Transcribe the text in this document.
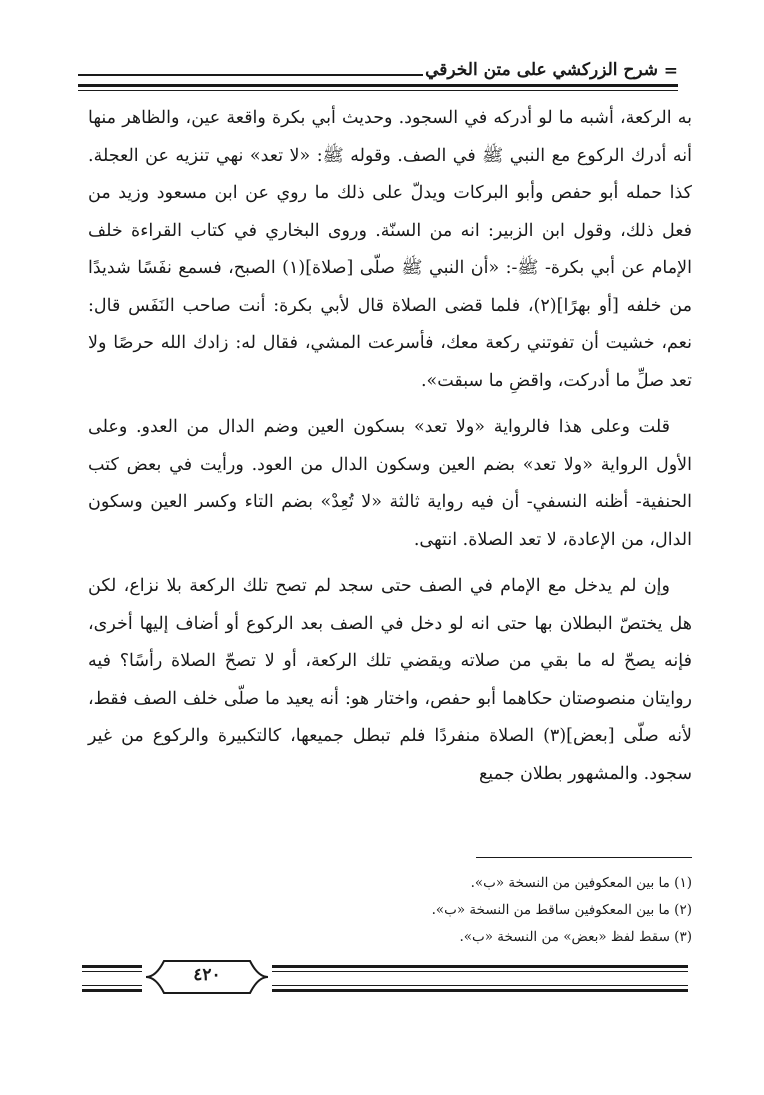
=
شرح الزركشي على متن الخرقي

به الركعة، أشبه ما لو أدركه في السجود. وحديث أبي بكرة واقعة عين، والظاهر منها أنه أدرك الركوع مع النبي ﷺ في الصف. وقوله ﷺ: «لا تعد» نهي تنزيه عن العجلة. كذا حمله أبو حفص وأبو البركات ويدلّ على ذلك ما روي عن ابن مسعود وزيد من فعل ذلك، وقول ابن الزبير: انه من السنّة. وروى البخاري في كتاب القراءة خلف الإمام عن أبي بكرة- ﷺ-: «أن النبي ﷺ صلّى [صلاة](١) الصبح، فسمع نفَسًا شديدًا من خلفه [أو بهرًا](٢)، فلما قضى الصلاة قال لأبي بكرة: أنت صاحب النَفَس قال: نعم، خشيت أن تفوتني ركعة معك، فأسرعت المشي، فقال له: زادك الله حرصًا ولا تعد صلِّ ما أدركت، واقضِ ما سبقت».

قلت وعلى هذا فالرواية «ولا تعد» بسكون العين وضم الدال من العدو. وعلى الأول الرواية «ولا تعد» بضم العين وسكون الدال من العود. ورأيت في بعض كتب الحنفية- أظنه النسفي- أن فيه رواية ثالثة «لا تُعِدْ» بضم التاء وكسر العين وسكون الدال، من الإعادة، لا تعد الصلاة. انتهى.

وإن لم يدخل مع الإمام في الصف حتى سجد لم تصح تلك الركعة بلا نزاع، لكن هل يختصّ البطلان بها حتى انه لو دخل في الصف بعد الركوع أو أضاف إليها أخرى، فإنه يصحّ له ما بقي من صلاته ويقضي تلك الركعة، أو لا تصحّ الصلاة رأسًا؟ فيه روايتان منصوصتان حكاهما أبو حفص، واختار هو: أنه يعيد ما صلّى خلف الصف فقط، لأنه صلّى [بعض](٣) الصلاة منفردًا فلم تبطل جميعها، كالتكبيرة والركوع من غير سجود. والمشهور بطلان جميع

(١) ما بين المعكوفين من النسخة «ب».

(٢) ما بين المعكوفين ساقط من النسخة «ب».

(٣) سقط لفظ «بعض» من النسخة «ب».

٤٢٠
